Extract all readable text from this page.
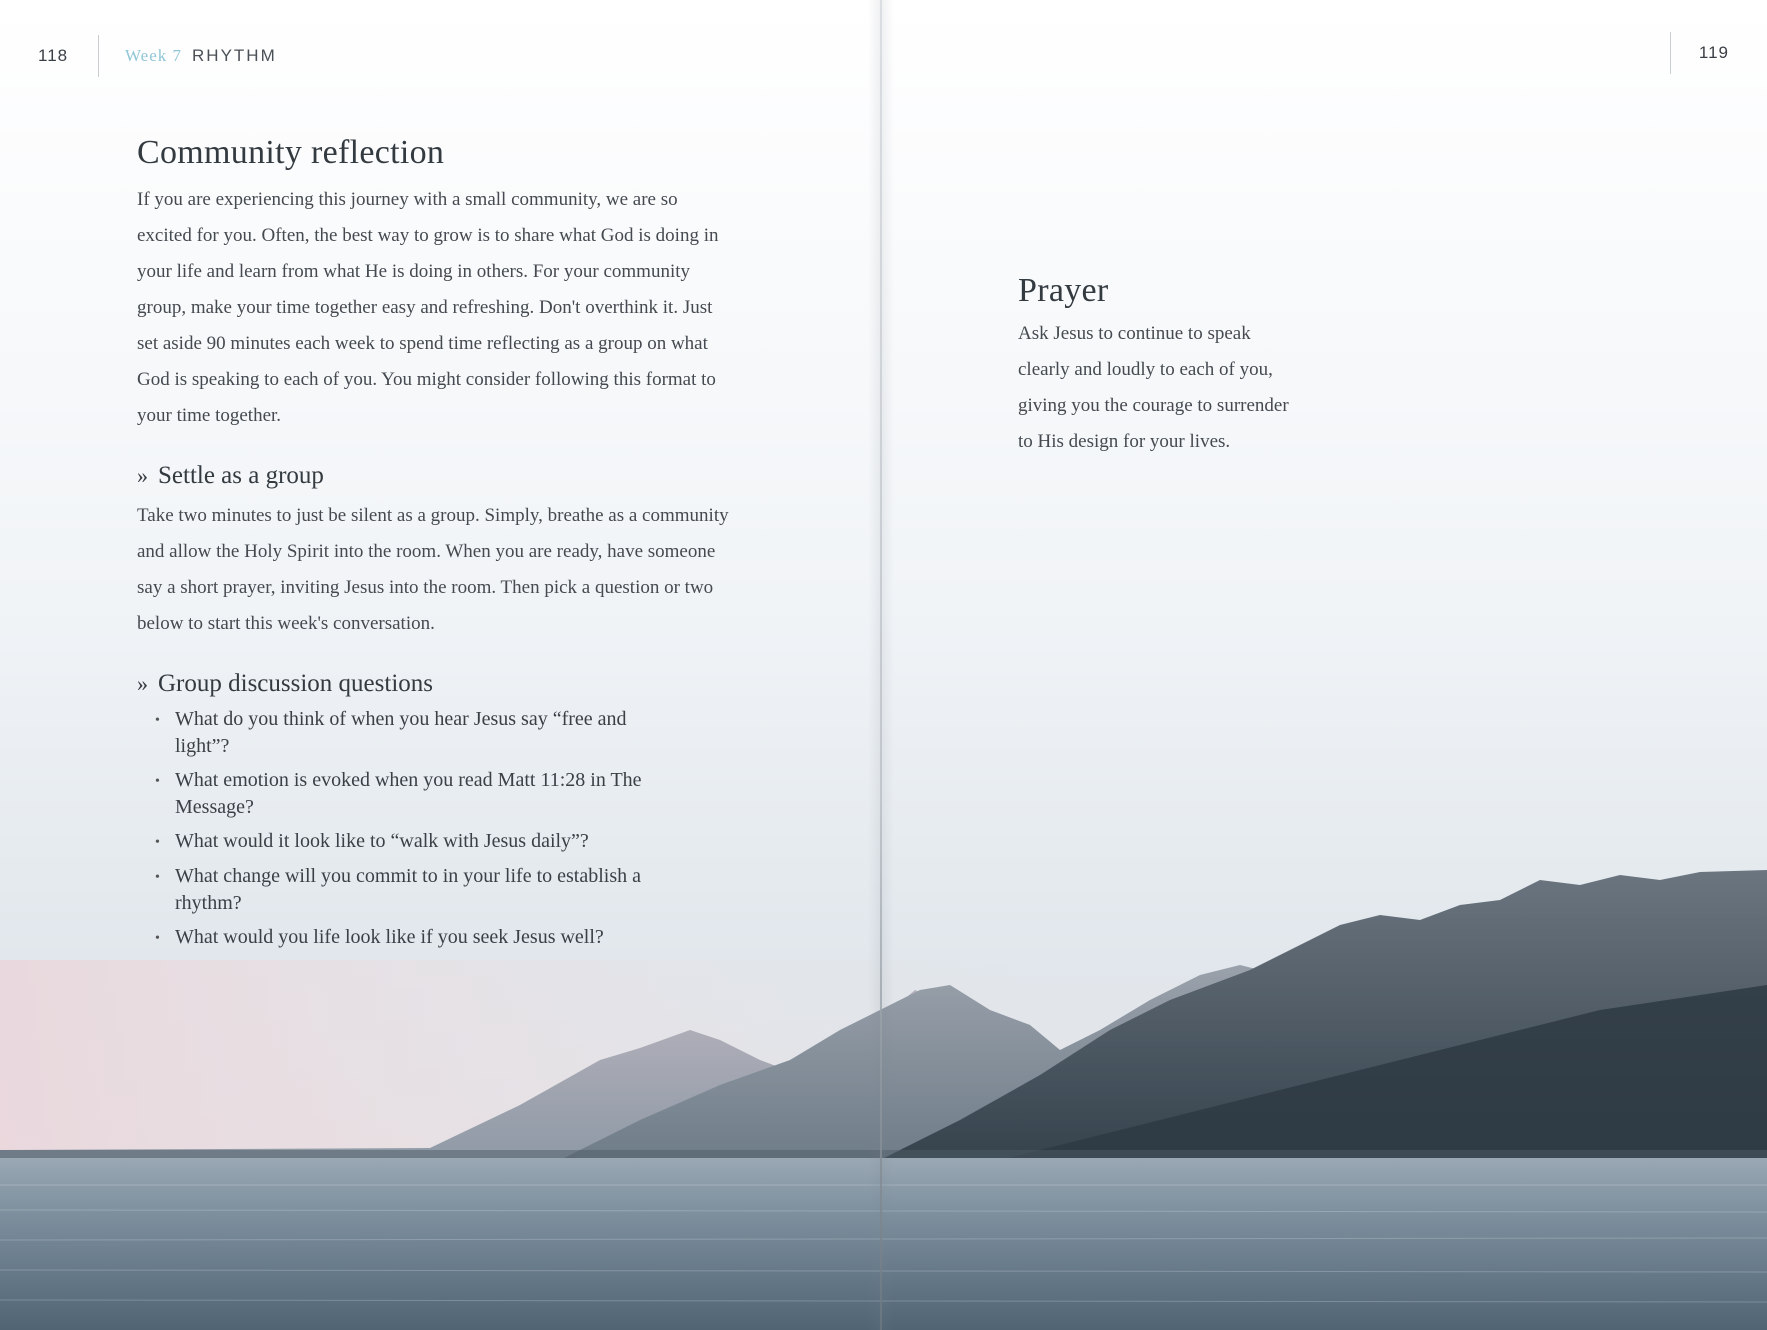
118	Week 7 RHYTHM	119
Community reflection

If you are experiencing this journey with a small community, we are so excited for you. Often, the best way to grow is to share what God is doing in your life and learn from what He is doing in others. For your community group, make your time together easy and refreshing. Don't overthink it. Just set aside 90 minutes each week to spend time reflecting as a group on what God is speaking to each of you. You might consider following this format to your time together.

» Settle as a group

Take two minutes to just be silent as a group. Simply, breathe as a community and allow the Holy Spirit into the room. When you are ready, have someone say a short prayer, inviting Jesus into the room. Then pick a question or two below to start this week's conversation.

» Group discussion questions
• What do you think of when you hear Jesus say “free and light”?
• What emotion is evoked when you read Matt 11:28 in The Message?
• What would it look like to “walk with Jesus daily”?
• What change will you commit to in your life to establish a rhythm?
• What would you life look like if you seek Jesus well?
Prayer

Ask Jesus to continue to speak clearly and loudly to each of you, giving you the courage to surrender to His design for your lives.
